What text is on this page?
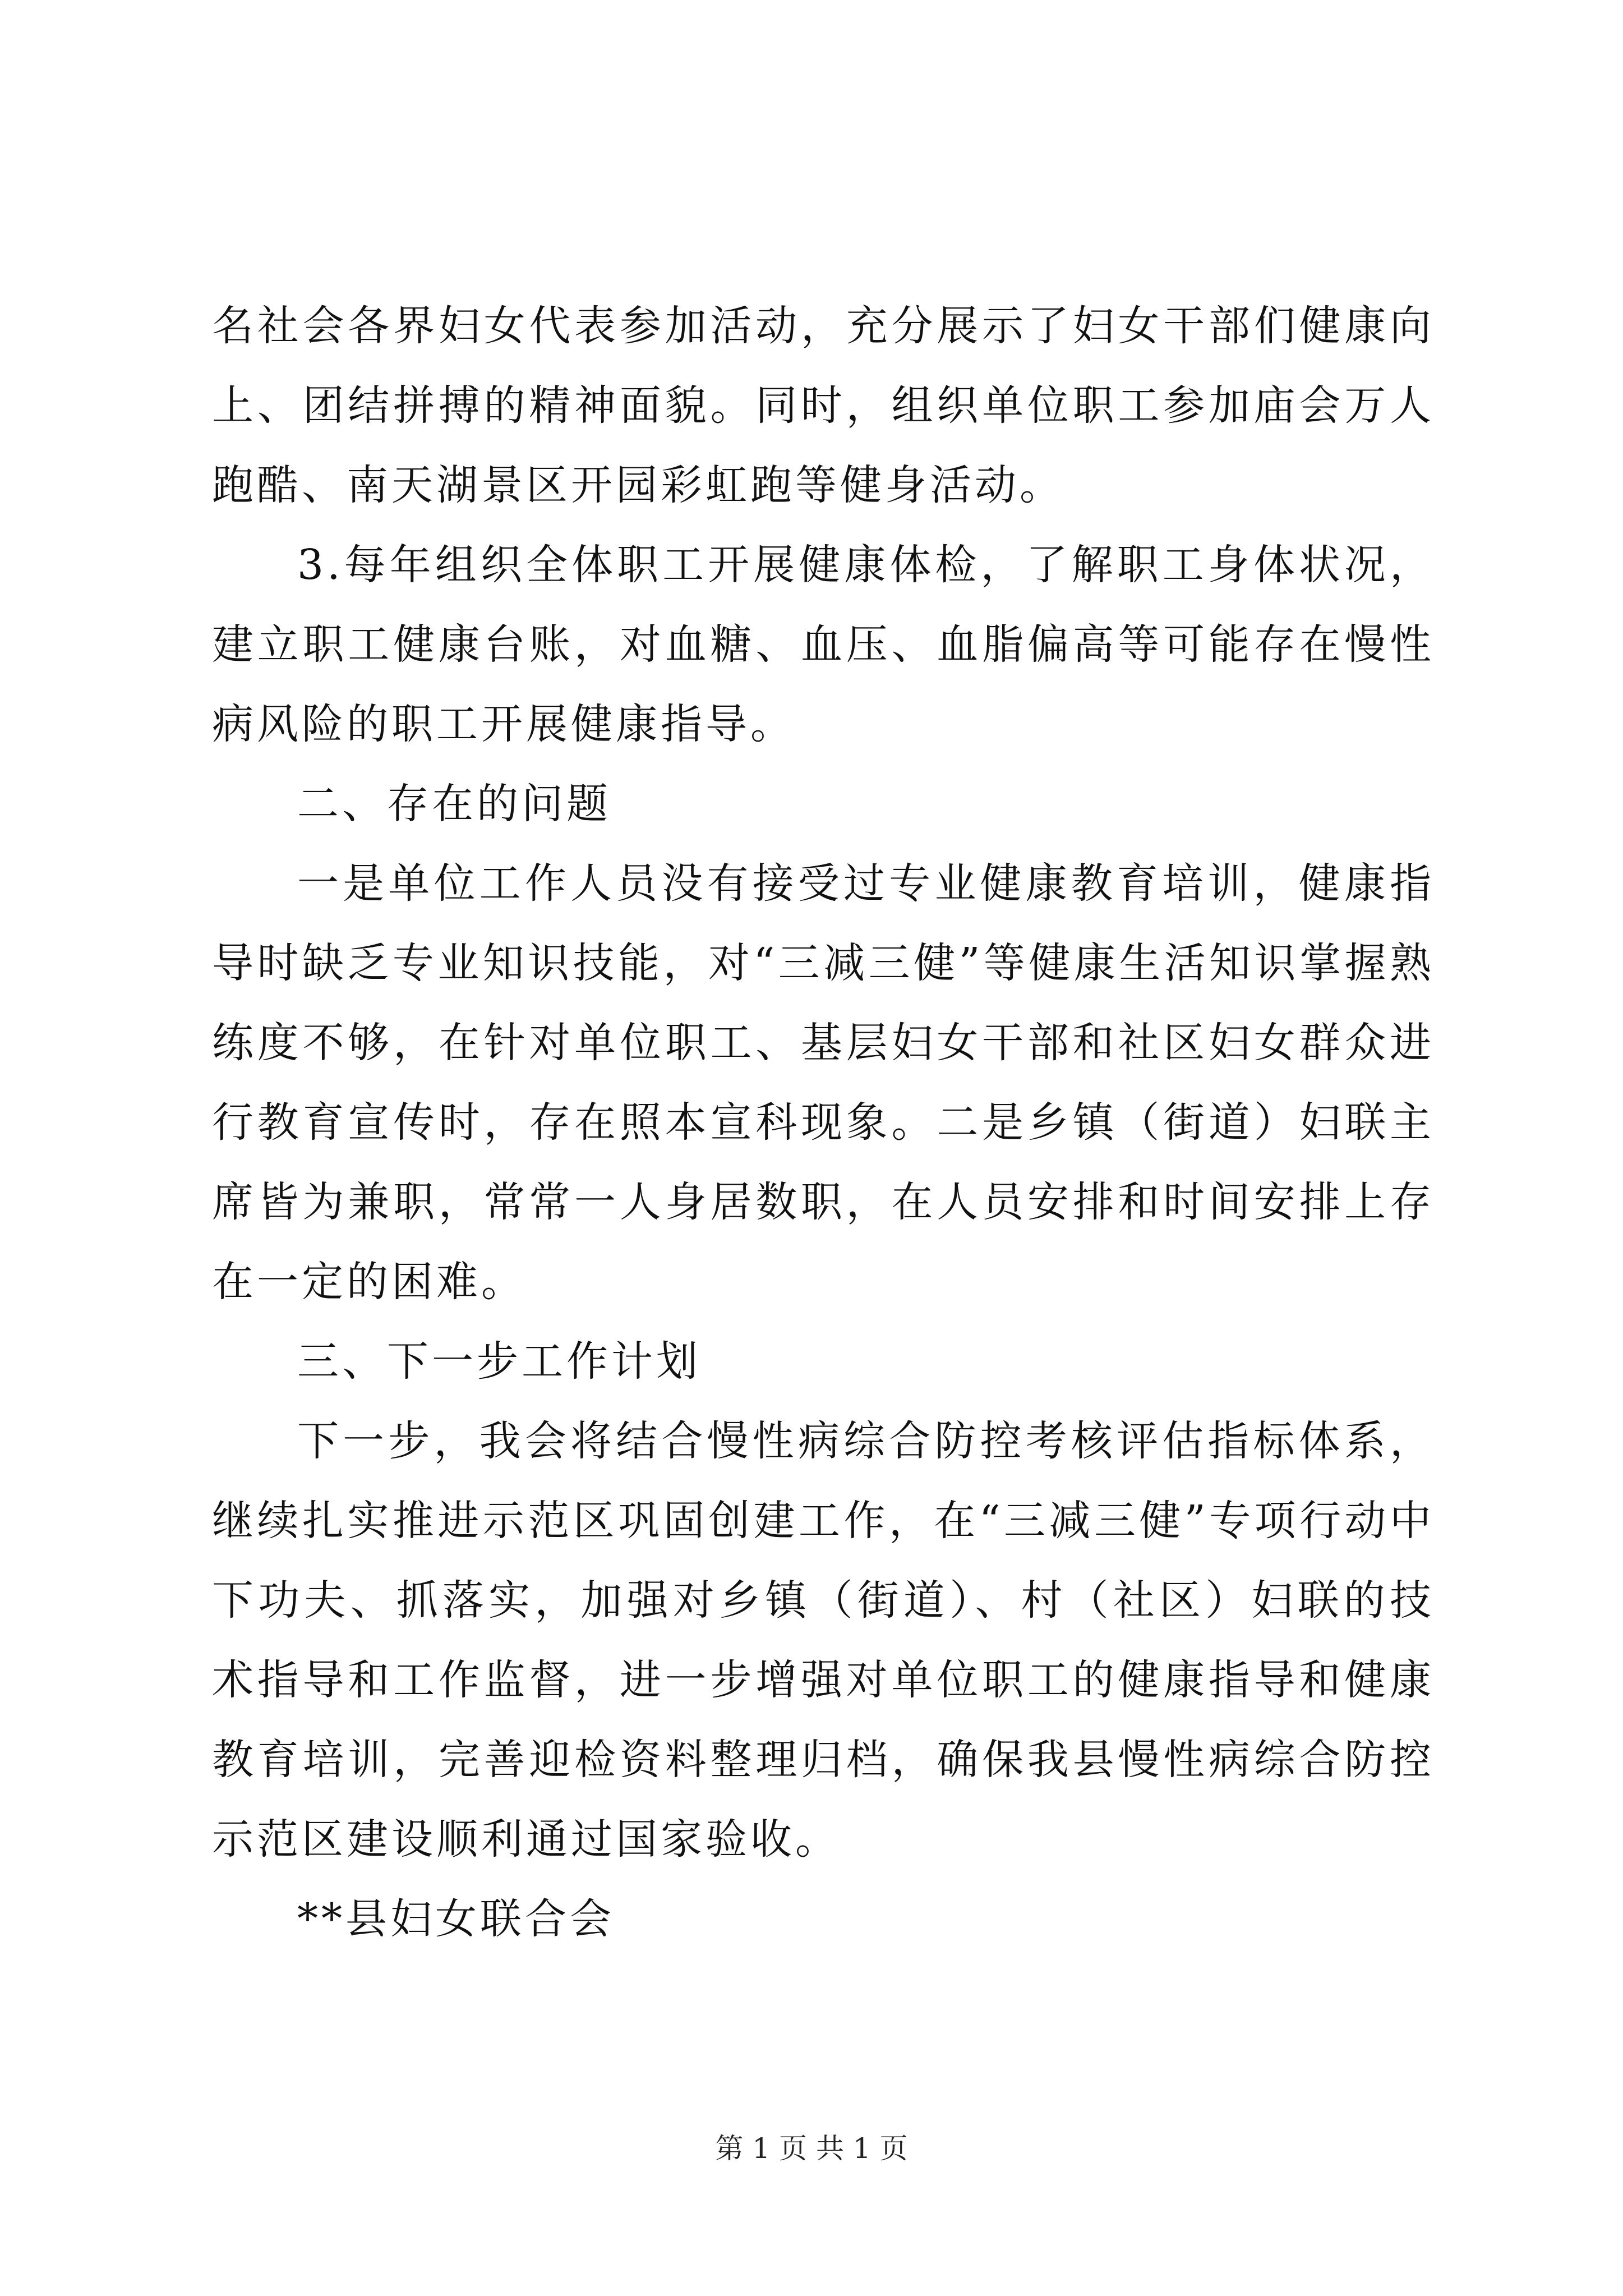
名社会各界妇女代表参加活动，充分展示了妇女干部们健康向上、团结拼搏的精神面貌。同时，组织单位职工参加庙会万人跑酷、南天湖景区开园彩虹跑等健身活动。

3.每年组织全体职工开展健康体检，了解职工身体状况，建立职工健康台账，对血糖、血压、血脂偏高等可能存在慢性病风险的职工开展健康指导。

二、存在的问题

一是单位工作人员没有接受过专业健康教育培训，健康指导时缺乏专业知识技能，对“三减三健”等健康生活知识掌握熟练度不够，在针对单位职工、基层妇女干部和社区妇女群众进行教育宣传时，存在照本宣科现象。二是乡镇（街道）妇联主席皆为兼职，常常一人身居数职，在人员安排和时间安排上存在一定的困难。

三、下一步工作计划

下一步，我会将结合慢性病综合防控考核评估指标体系，继续扎实推进示范区巩固创建工作，在“三减三健”专项行动中下功夫、抓落实，加强对乡镇（街道）、村（社区）妇联的技术指导和工作监督，进一步增强对单位职工的健康指导和健康教育培训，完善迎检资料整理归档，确保我县慢性病综合防控示范区建设顺利通过国家验收。

**县妇女联合会

第 1 页 共 1 页
